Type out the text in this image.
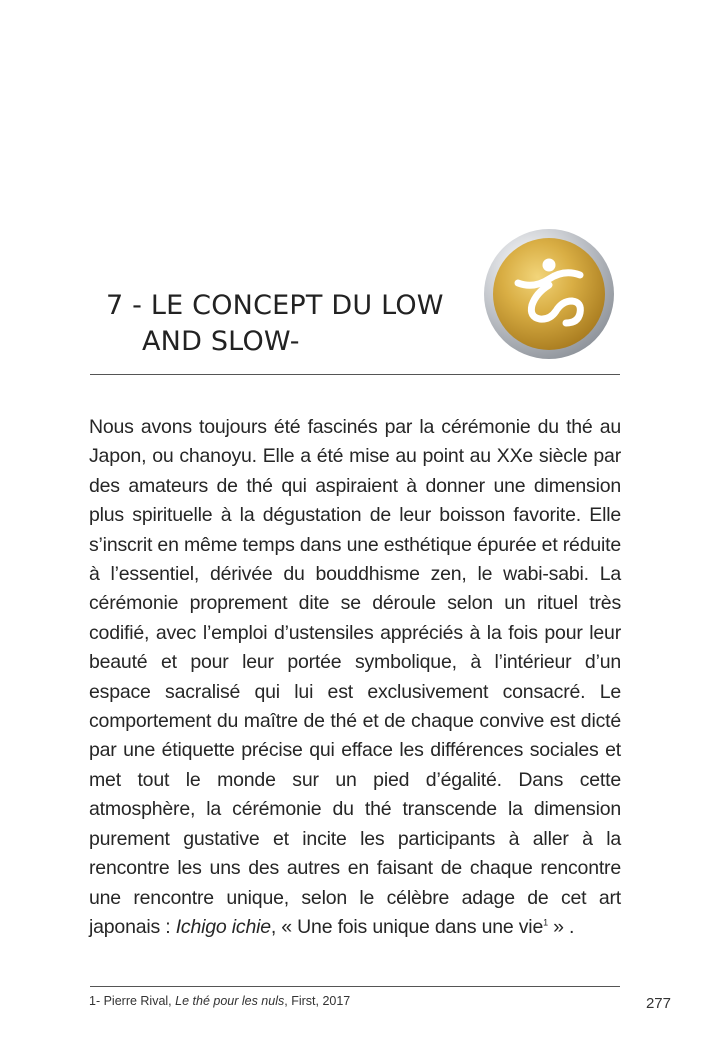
7 - LE CONCEPT DU LOW
AND SLOW-
Nous avons toujours été fascinés par la cérémonie du thé au Japon, ou chanoyu. Elle a été mise au point au XXe siècle par des amateurs de thé qui aspiraient à donner une dimension plus spirituelle à la dégustation de leur boisson favorite. Elle s’inscrit en même temps dans une esthétique épurée et réduite à l’essentiel, dérivée du bouddhisme zen, le wabi-sabi. La cérémonie proprement dite se déroule selon un rituel très codifié, avec l’emploi d’ustensiles appréciés à la fois pour leur beauté et pour leur portée symbolique, à l’intérieur d’un espace sacralisé qui lui est exclusivement consacré. Le comportement du maître de thé et de chaque convive est dicté par une étiquette précise qui efface les différences sociales et met tout le monde sur un pied d’égalité. Dans cette atmosphère, la cérémonie du thé transcende la dimension purement gustative et incite les participants à aller à la rencontre les uns des autres en faisant de chaque rencontre une rencontre unique, selon le célèbre adage de cet art japonais : Ichigo ichie, « Une fois unique dans une vie$^1$ » .
1- Pierre Rival, Le thé pour les nuls, First, 2017	277
